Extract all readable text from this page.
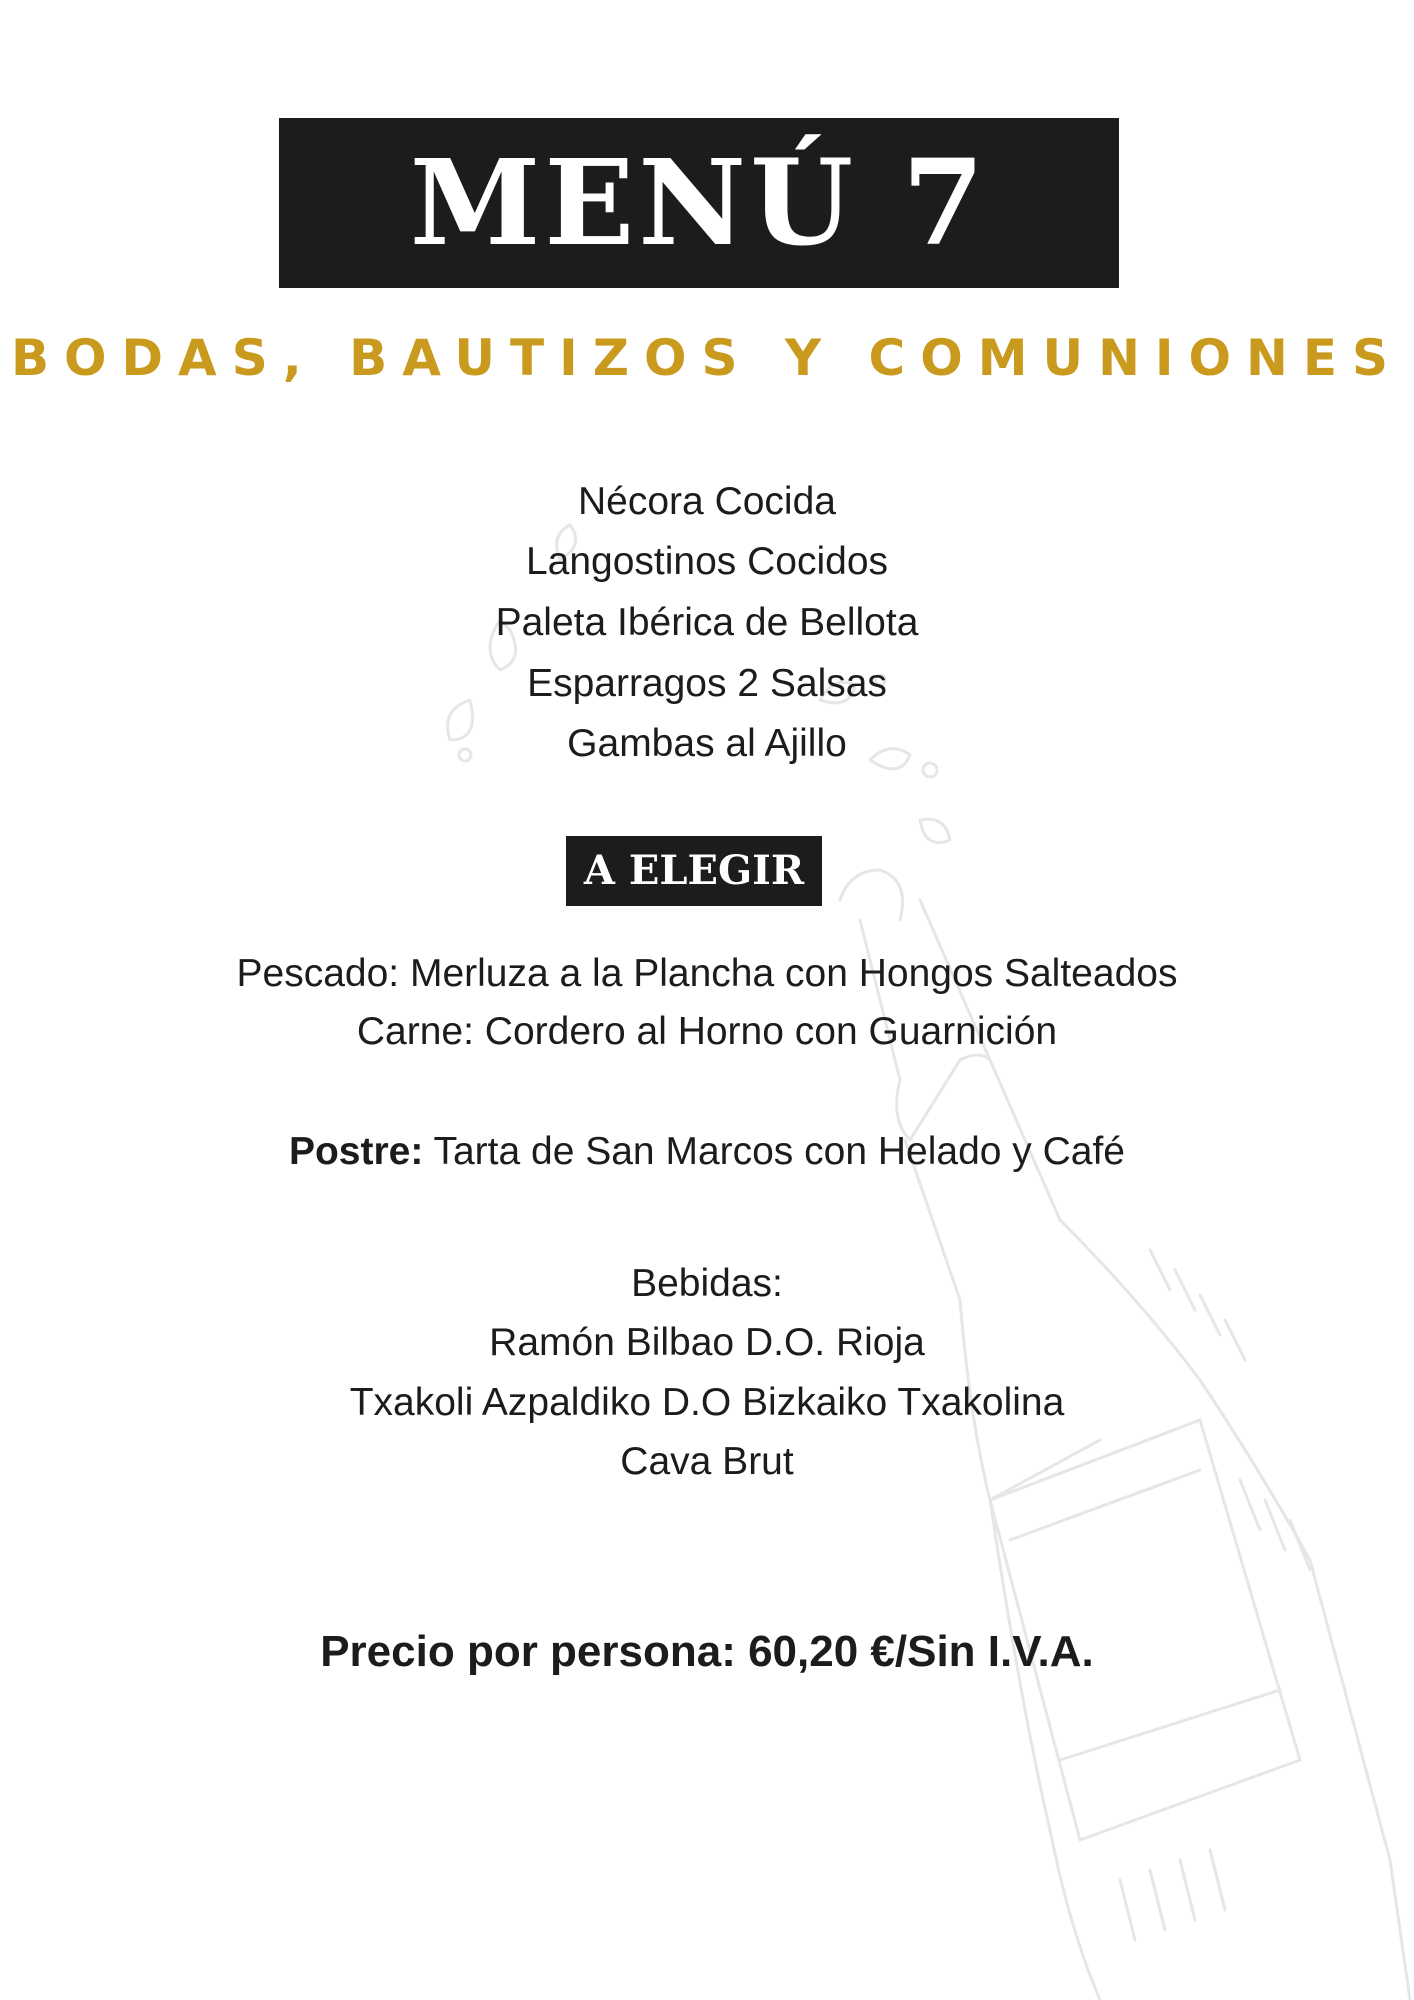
MENÚ 7
BODAS, BAUTIZOS Y COMUNIONES
Nécora Cocida
Langostinos Cocidos
Paleta Ibérica de Bellota
Esparragos 2 Salsas
Gambas al Ajillo
A ELEGIR
Pescado: Merluza a la Plancha con Hongos Salteados
Carne: Cordero al Horno con Guarnición
Postre: Tarta de San Marcos con Helado y Café
Bebidas:
Ramón Bilbao D.O. Rioja
Txakoli Azpaldiko D.O Bizkaiko Txakolina
Cava Brut
Precio por persona: 60,20 €/Sin I.V.A.
